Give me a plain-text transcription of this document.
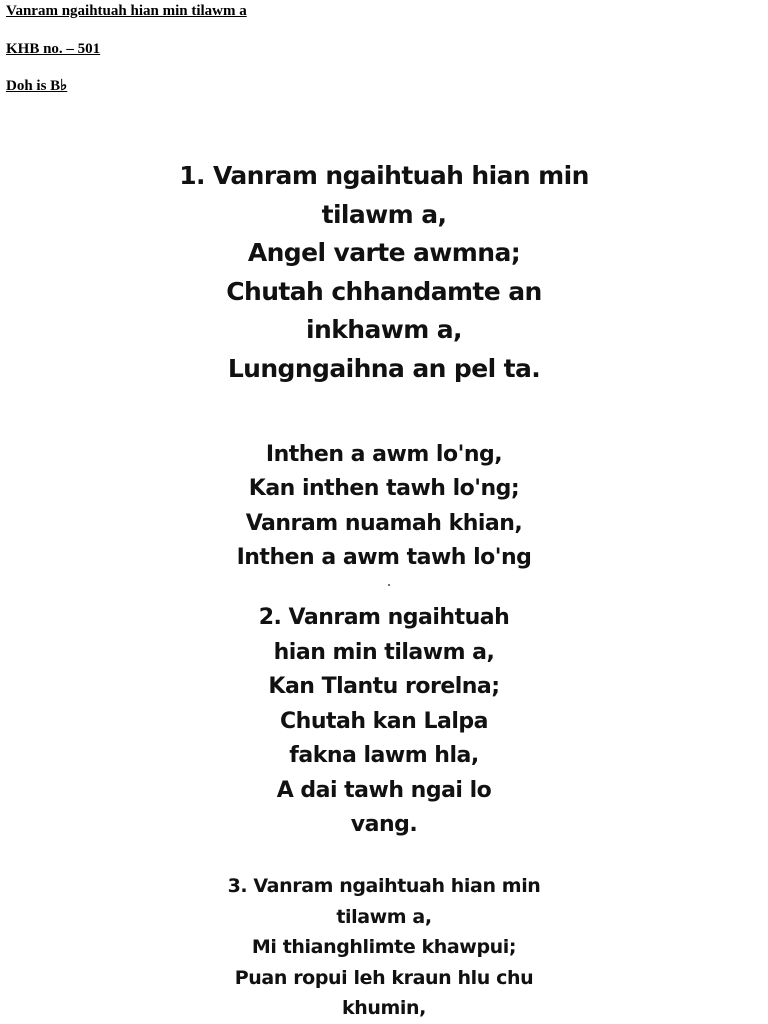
Vanram ngaihtuah hian min tilawm a

KHB no. – 501

Doh is B♭

1. Vanram ngaihtuah hian min
tilawm a,
Angel varte awmna;
Chutah chhandamte an
inkhawm a,
Lungngaihna an pel ta.
Inthen a awm lo'ng,
Kan inthen tawh lo'ng;
Vanram nuamah khian,
Inthen a awm tawh lo'ng
2. Vanram ngaihtuah
hian min tilawm a,
Kan Tlantu rorelna;
Chutah kan Lalpa
fakna lawm hla,
A dai tawh ngai lo
vang.
3. Vanram ngaihtuah hian min
tilawm a,
Mi thianghlimte khawpui;
Puan ropui leh kraun hlu chu
khumin,
